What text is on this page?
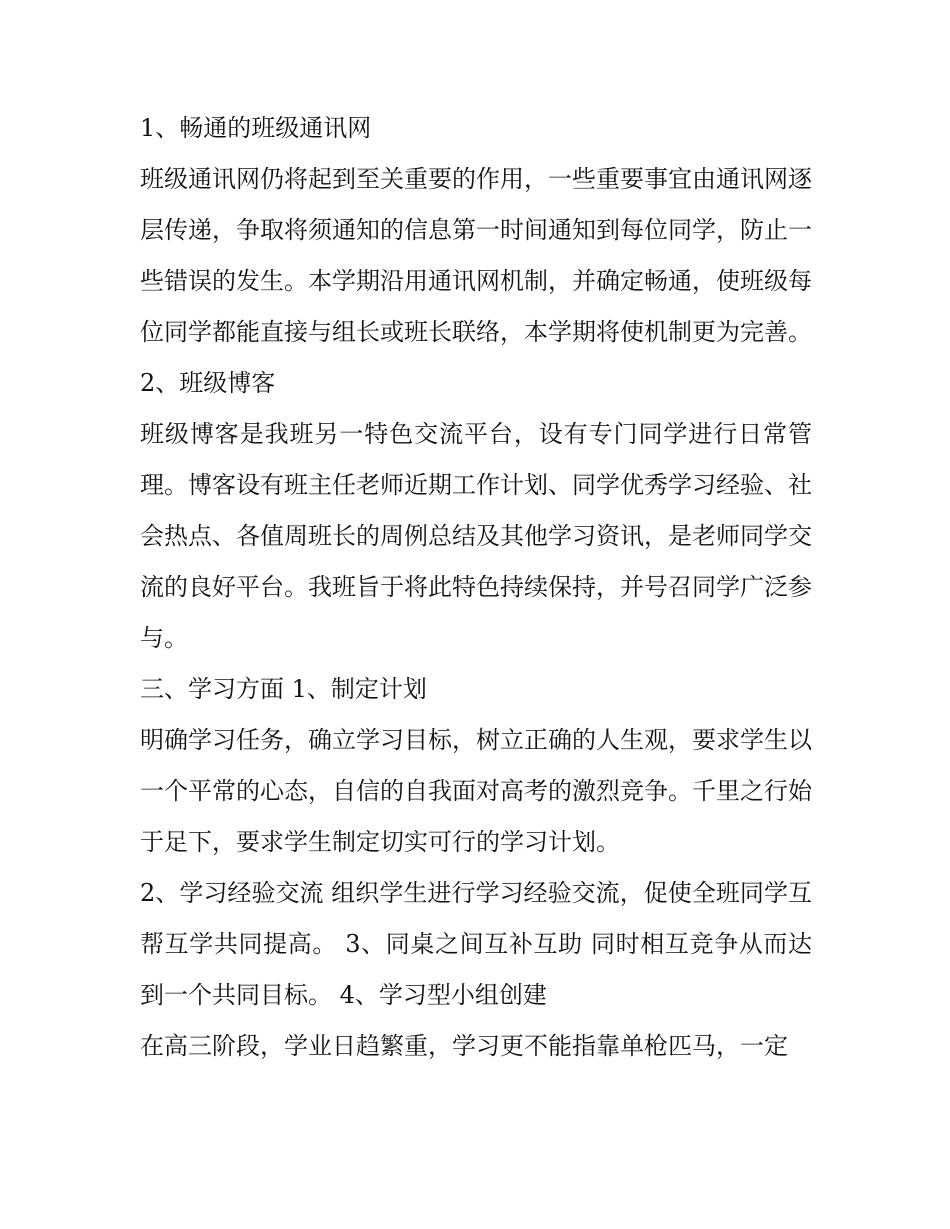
1、畅通的班级通讯网

班级通讯网仍将起到至关重要的作用，一些重要事宜由通讯网逐层传递，争取将须通知的信息第一时间通知到每位同学，防止一些错误的发生。本学期沿用通讯网机制，并确定畅通，使班级每位同学都能直接与组长或班长联络，本学期将使机制更为完善。

2、班级博客

班级博客是我班另一特色交流平台，设有专门同学进行日常管理。博客设有班主任老师近期工作计划、同学优秀学习经验、社会热点、各值周班长的周例总结及其他学习资讯，是老师同学交流的良好平台。我班旨于将此特色持续保持，并号召同学广泛参与。

三、学习方面 1、制定计划

明确学习任务，确立学习目标，树立正确的人生观，要求学生以一个平常的心态，自信的自我面对高考的激烈竞争。千里之行始于足下，要求学生制定切实可行的学习计划。

2、学习经验交流 组织学生进行学习经验交流，促使全班同学互帮互学共同提高。 3、同桌之间互补互助 同时相互竞争从而达到一个共同目标。 4、学习型小组创建

在高三阶段，学业日趋繁重，学习更不能指靠单枪匹马，一定
